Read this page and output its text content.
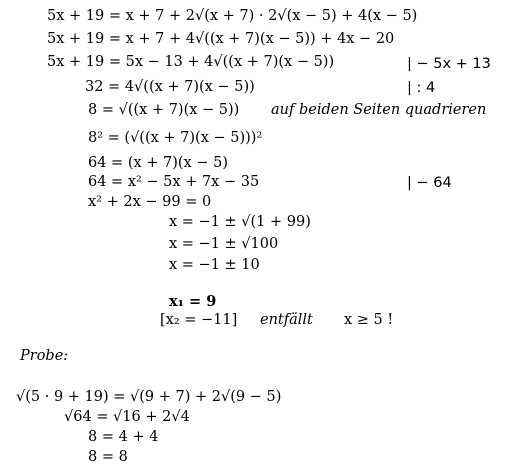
5x + 19 = x + 7 + 2√(x + 7) · 2√(x − 5) + 4(x − 5)
5x + 19 = x + 7 + 4√((x + 7)(x − 5)) + 4x − 20
5x + 19 = 5x − 13 + 4√((x + 7)(x − 5))	| − 5x + 13
32 = 4√((x + 7)(x − 5))	| : 4
8 = √((x + 7)(x − 5)) auf beiden Seiten quadrieren
8² = (√((x + 7)(x − 5)))²
64 = (x + 7)(x − 5)
64 = x² − 5x + 7x − 35	| − 64
x² + 2x − 99 = 0
x = −1 ± √(1 + 99)
x = −1 ± √100
x = −1 ± 10
x₁ = 9
[x₂ = −11] entfällt x ≥ 5 !
Probe:
√(5 · 9 + 19) = √(9 + 7) + 2√(9 − 5)
√64 = √16 + 2√4
8 = 4 + 4
8 = 8
